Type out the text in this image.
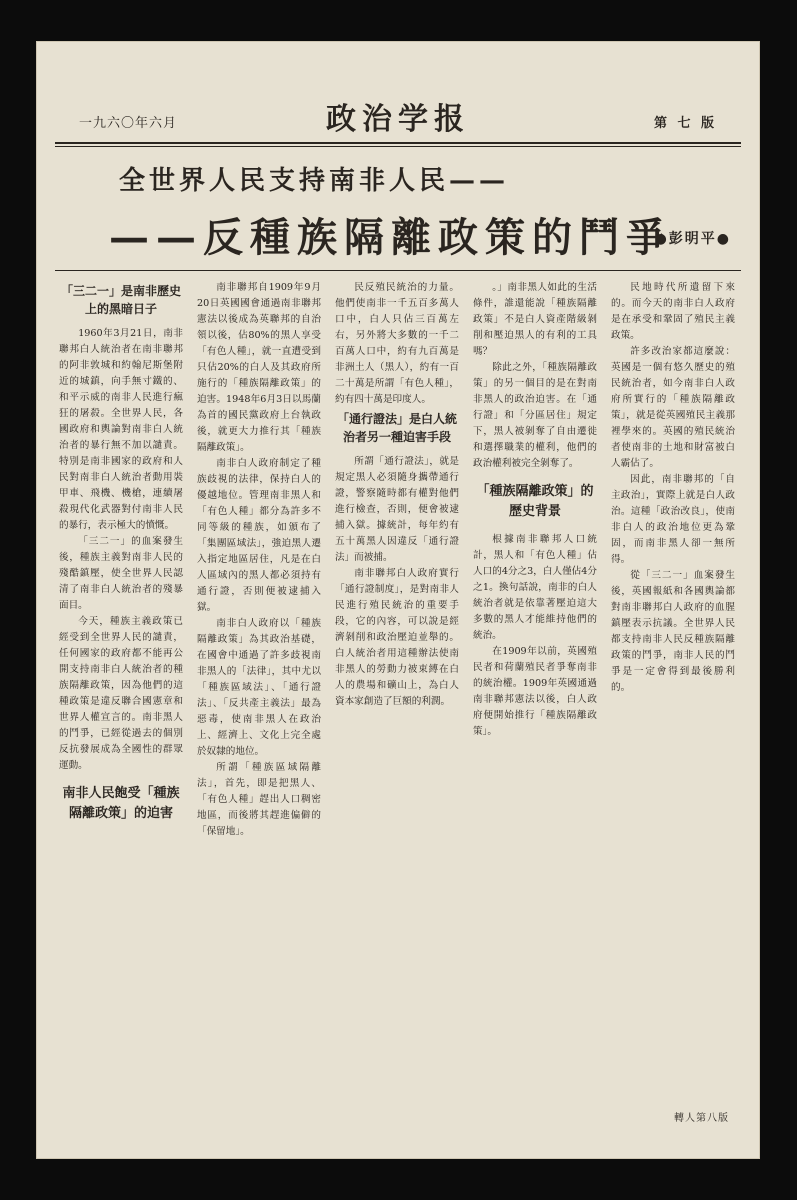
一九六〇年六月	政治学报	第 七 版
全世界人民支持南非人民——
——反種族隔離政策的鬥爭
●彭明平●
「三二一」是南非歷史上的黑暗日子

1960年3月21日，南非聯邦白人統治者在南非聯邦的阿非敦城和約翰尼斯堡附近的城鎮，向手無寸鐵的、和平示威的南非人民進行瘋狂的屠殺。全世界人民，各國政府和輿論對南非白人統治者的暴行無不加以譴責。特別是南非國家的政府和人民對南非白人統治者動用裝甲車、飛機、機槍，連續屠殺現代化武器對付南非人民的暴行，表示極大的憤慨。

「三二一」的血案發生後，種族主義對南非人民的殘酷鎮壓，使全世界人民認清了南非白人統治者的殘暴面目。

今天，種族主義政策已經受到全世界人民的譴責，任何國家的政府都不能再公開支持南非白人統治者的種族隔離政策，因為他們的這種政策是違反聯合國憲章和世界人權宣言的。南非黑人的鬥爭，已經從過去的個別反抗發展成為全國性的群眾運動。

南非人民飽受「種族隔離政策」的迫害

南非聯邦自1909年9月20日英國國會通過南非聯邦憲法以後成為英聯邦的自治領以後，佔80%的黑人享受「有色人種」，就一直遭受到只佔20%的白人及其政府所施行的「種族隔離政策」的迫害。1948年6月3日以馬蘭為首的國民黨政府上台執政後，就更大力推行其「種族隔離政策」。

南非白人政府制定了種族歧視的法律，保持白人的優越地位。管理南非黑人和「有色人種」都分為許多不同等級的種族，如頒布了「集團區域法」，強迫黑人遷入指定地區居住，凡是在白人區域內的黑人都必須持有通行證，否則便被逮捕入獄。

南非白人政府以「種族隔離政策」為其政治基礎，在國會中通過了許多歧視南非黑人的「法律」，其中尤以「種族區域法」、「通行證法」、「反共產主義法」最為惡毒，使南非黑人在政治上、經濟上、文化上完全處於奴隸的地位。

所謂「種族區域隔離法」，首先，即是把黑人、「有色人種」趕出人口稠密地區，而後將其趕進偏僻的「保留地」。

民反殖民統治的力量。他們使南非一千五百多萬人口中，白人只佔三百萬左右，另外將大多數的一千二百萬人口中，約有九百萬是非洲土人（黑人），約有一百二十萬是所謂「有色人種」，約有四十萬是印度人。

「通行證法」是白人統治者另一種迫害手段

所謂「通行證法」，就是規定黑人必須隨身攜帶通行證，警察隨時都有權對他們進行檢查，否則，便會被逮捕入獄。據統計，每年約有五十萬黑人因違反「通行證法」而被捕。

南非聯邦白人政府實行「通行證制度」，是對南非人民進行殖民統治的重要手段，它的內容，可以說是經濟剝削和政治壓迫並舉的。白人統治者用這種辦法使南非黑人的勞動力被束縛在白人的農場和礦山上，為白人資本家創造了巨額的利潤。

。」南非黑人如此的生活條件，誰還能說「種族隔離政策」不是白人資產階級剝削和壓迫黑人的有利的工具嗎？

除此之外，「種族隔離政策」的另一個目的是在對南非黑人的政治迫害。在「通行證」和「分區居住」規定下，黑人被剝奪了自由遷徙和選擇職業的權利，他們的政治權利被完全剝奪了。

「種族隔離政策」的歷史背景

根據南非聯邦人口統計，黑人和「有色人種」佔人口的4分之3，白人僅佔4分之1。換句話說，南非的白人統治者就是依靠著壓迫這大多數的黑人才能維持他們的統治。

在1909年以前，英國殖民者和荷蘭殖民者爭奪南非的統治權。1909年英國通過南非聯邦憲法以後，白人政府便開始推行「種族隔離政策」。

民地時代所遺留下來的。而今天的南非白人政府是在承受和鞏固了殖民主義政策。

許多改治家都這麼說：英國是一個有悠久歷史的殖民統治者，如今南非白人政府所實行的「種族隔離政策」，就是從英國殖民主義那裡學來的。英國的殖民統治者使南非的土地和財富被白人霸佔了。

因此，南非聯邦的「自主政治」，實際上就是白人政治。這種「政治改良」，使南非白人的政治地位更為鞏固，而南非黑人卻一無所得。

從「三二一」血案發生後，英國報紙和各國輿論都對南非聯邦白人政府的血腥鎮壓表示抗議。全世界人民都支持南非人民反種族隔離政策的鬥爭，南非人民的鬥爭是一定會得到最後勝利的。

轉人第八版
